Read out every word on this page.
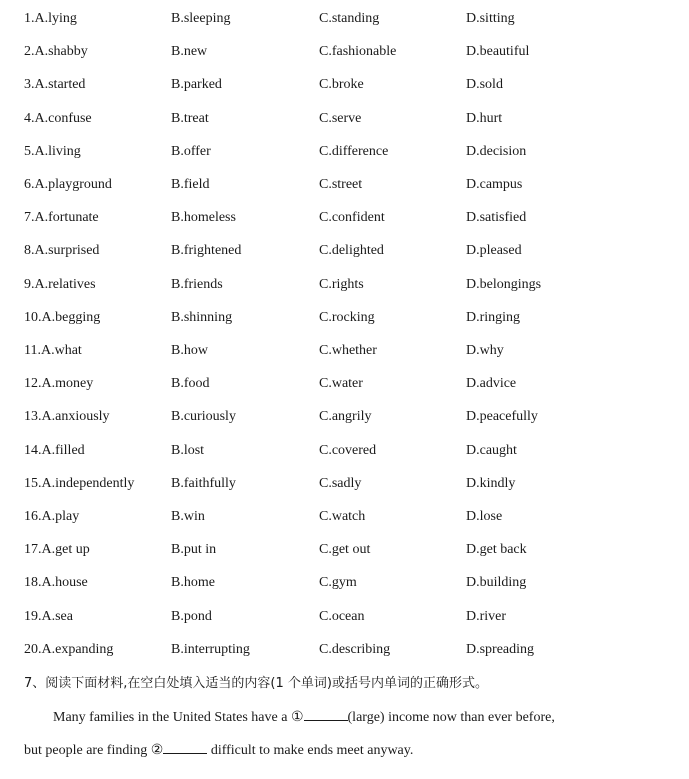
1.A.lying	B.sleeping	C.standing	D.sitting
2.A.shabby	B.new	C.fashionable	D.beautiful
3.A.started	B.parked	C.broke	D.sold
4.A.confuse	B.treat	C.serve	D.hurt
5.A.living	B.offer	C.difference	D.decision
6.A.playground	B.field	C.street	D.campus
7.A.fortunate	B.homeless	C.confident	D.satisfied
8.A.surprised	B.frightened	C.delighted	D.pleased
9.A.relatives	B.friends	C.rights	D.belongings
10.A.begging	B.shinning	C.rocking	D.ringing
11.A.what	B.how	C.whether	D.why
12.A.money	B.food	C.water	D.advice
13.A.anxiously	B.curiously	C.angrily	D.peacefully
14.A.filled	B.lost	C.covered	D.caught
15.A.independently	B.faithfully	C.sadly	D.kindly
16.A.play	B.win	C.watch	D.lose
17.A.get up	B.put in	C.get out	D.get back
18.A.house	B.home	C.gym	D.building
19.A.sea	B.pond	C.ocean	D.river
20.A.expanding	B.interrupting	C.describing	D.spreading
7、阅读下面材料,在空白处填入适当的内容(1 个单词)或括号内单词的正确形式。
Many families in the United States have a ①	(large) income now than ever before,
but people are finding ②	difficult to make ends meet anyway.
